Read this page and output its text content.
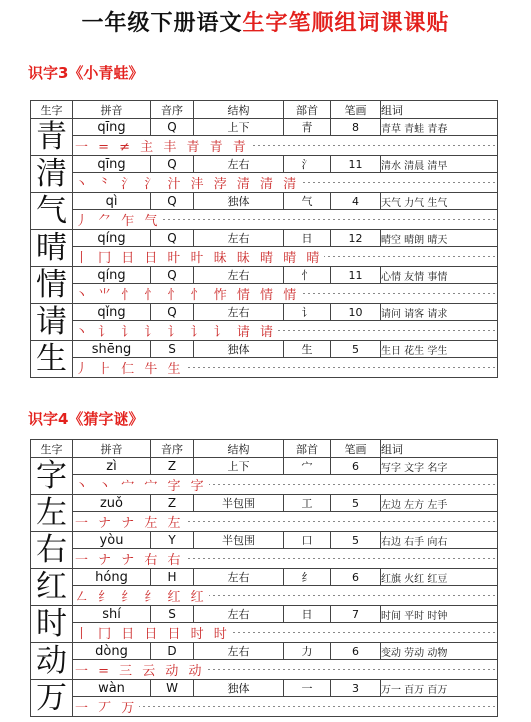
一年级下册语文生字笔顺组词课课贴
识字3《小青蛙》
生字	拼音	音序	结构	部首	笔画	组词
青	qīng	Q	上下	青	8	青草 青蛙 青春
	一 = ≠ 主 丰 青 青 青					
清	qīng	Q	左右	氵	11	清水 清晨 清早
	丶 ⺀ 氵 氵 汁 沣 浡 清 清 清					
气	qì	Q	独体	气	4	天气 力气 生气
	丿 ⺈ 乍 气					
晴	qíng	Q	左右	日	12	晴空 晴朗 晴天
	丨 冂 日 日 旪 旪 昧 昧 晴 晴 晴					
情	qíng	Q	左右	忄	11	心情 友情 事情
	丶 ⺌ 忄 忄 忄 忄 怍 情 情 情					
请	qǐng	Q	左右	讠	10	请问 请客 请求
	丶 讠 讠 讠 讠 讠 讠 请 请					
生	shēng	S	独体	生	5	生日 花生 学生
	丿 ⺊ 仁 牛 生					
识字4《猜字谜》
生字	拼音	音序	结构	部首	笔画	组词
字	zì	Z	上下	宀	6	写字 文字 名字
	丶 丶 宀 宀 字 字					
左	zuǒ	Z	半包围	工	5	左边 左方 左手
	一 ナ ナ 左 左					
右	yòu	Y	半包围	口	5	右边 右手 向右
	一 ナ ナ 右 右					
红	hóng	H	左右	纟	6	红旗 火红 红豆
	㇜ 纟 纟 纟 红 红					
时	shí	S	左右	日	7	时间 平时 时钟
	丨 冂 日 日 日 时 时					
动	dòng	D	左右	力	6	变动 劳动 动物
	一 = 三 云 动 动					
万	wàn	W	独体	一	3	万一 百万 百万
	一 丆 万					
